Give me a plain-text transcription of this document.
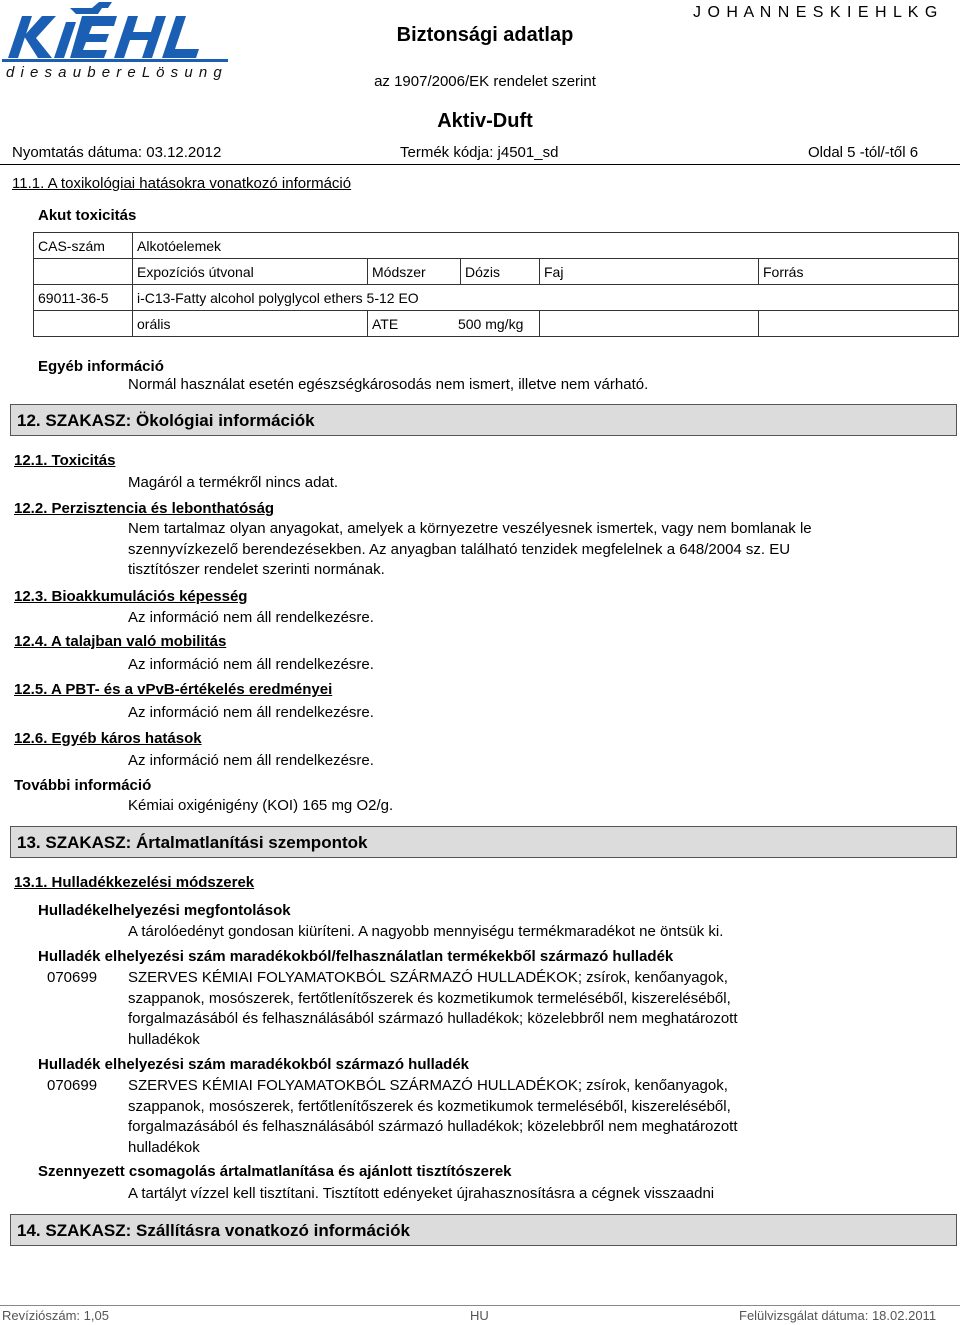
d i e s a u b e r e L ö s u n g
Biztonsági adatlap
J O H A N N E S K I E H L K G
az 1907/2006/EK rendelet szerint
Aktiv-Duft
Nyomtatás dátuma: 03.12.2012	Termék kódja: j4501_sd	Oldal 5 -tól/-től 6
11.1. A toxikológiai hatásokra vonatkozó információ
Akut toxicitás
CAS-szám	Alkotóelemek				
	Expozíciós útvonal	Módszer	Dózis	Faj	Forrás
69011-36-5	i-C13-Fatty alcohol polyglycol ethers 5-12 EO				
	orális	ATE 500 mg/kg			
Egyéb információ
Normál használat esetén egészségkárosodás nem ismert, illetve nem várható.
12. SZAKASZ: Ökológiai információk
12.1. Toxicitás
Magáról a termékről nincs adat.
12.2. Perzisztencia és lebonthatóság
Nem tartalmaz olyan anyagokat, amelyek a környezetre veszélyesnek ismertek, vagy nem bomlanak le szennyvízkezelő berendezésekben. Az anyagban található tenzidek megfelelnek a 648/2004 sz. EU tisztítószer rendelet szerinti normának.
12.3. Bioakkumulációs képesség
Az információ nem áll rendelkezésre.
12.4. A talajban való mobilitás
Az információ nem áll rendelkezésre.
12.5. A PBT- és a vPvB-értékelés eredményei
Az információ nem áll rendelkezésre.
12.6. Egyéb káros hatások
Az információ nem áll rendelkezésre.
További információ
Kémiai oxigénigény (KOI) 165 mg O2/g.
13. SZAKASZ: Ártalmatlanítási szempontok
13.1. Hulladékkezelési módszerek
Hulladékelhelyezési megfontolások
A tárolóedényt gondosan kiüríteni. A nagyobb mennyiségu termékmaradékot ne öntsük ki.
Hulladék elhelyezési szám maradékokból/felhasználatlan termékekből származó hulladék
070699 SZERVES KÉMIAI FOLYAMATOKBÓL SZÁRMAZÓ HULLADÉKOK; zsírok, kenőanyagok, szappanok, mosószerek, fertőtlenítőszerek és kozmetikumok termeléséből, kiszereléséből, forgalmazásából és felhasználásából származó hulladékok; közelebbről nem meghatározott hulladékok
Hulladék elhelyezési szám maradékokból származó hulladék
070699 SZERVES KÉMIAI FOLYAMATOKBÓL SZÁRMAZÓ HULLADÉKOK; zsírok, kenőanyagok, szappanok, mosószerek, fertőtlenítőszerek és kozmetikumok termeléséből, kiszereléséből, forgalmazásából és felhasználásából származó hulladékok; közelebbről nem meghatározott hulladékok
Szennyezett csomagolás ártalmatlanítása és ajánlott tisztítószerek
A tartályt vízzel kell tisztítani. Tisztított edényeket újrahasznosításra a cégnek visszaadni
14. SZAKASZ: Szállításra vonatkozó információk
Revíziószám: 1,05	HU	Felülvizsgálat dátuma: 18.02.2011
